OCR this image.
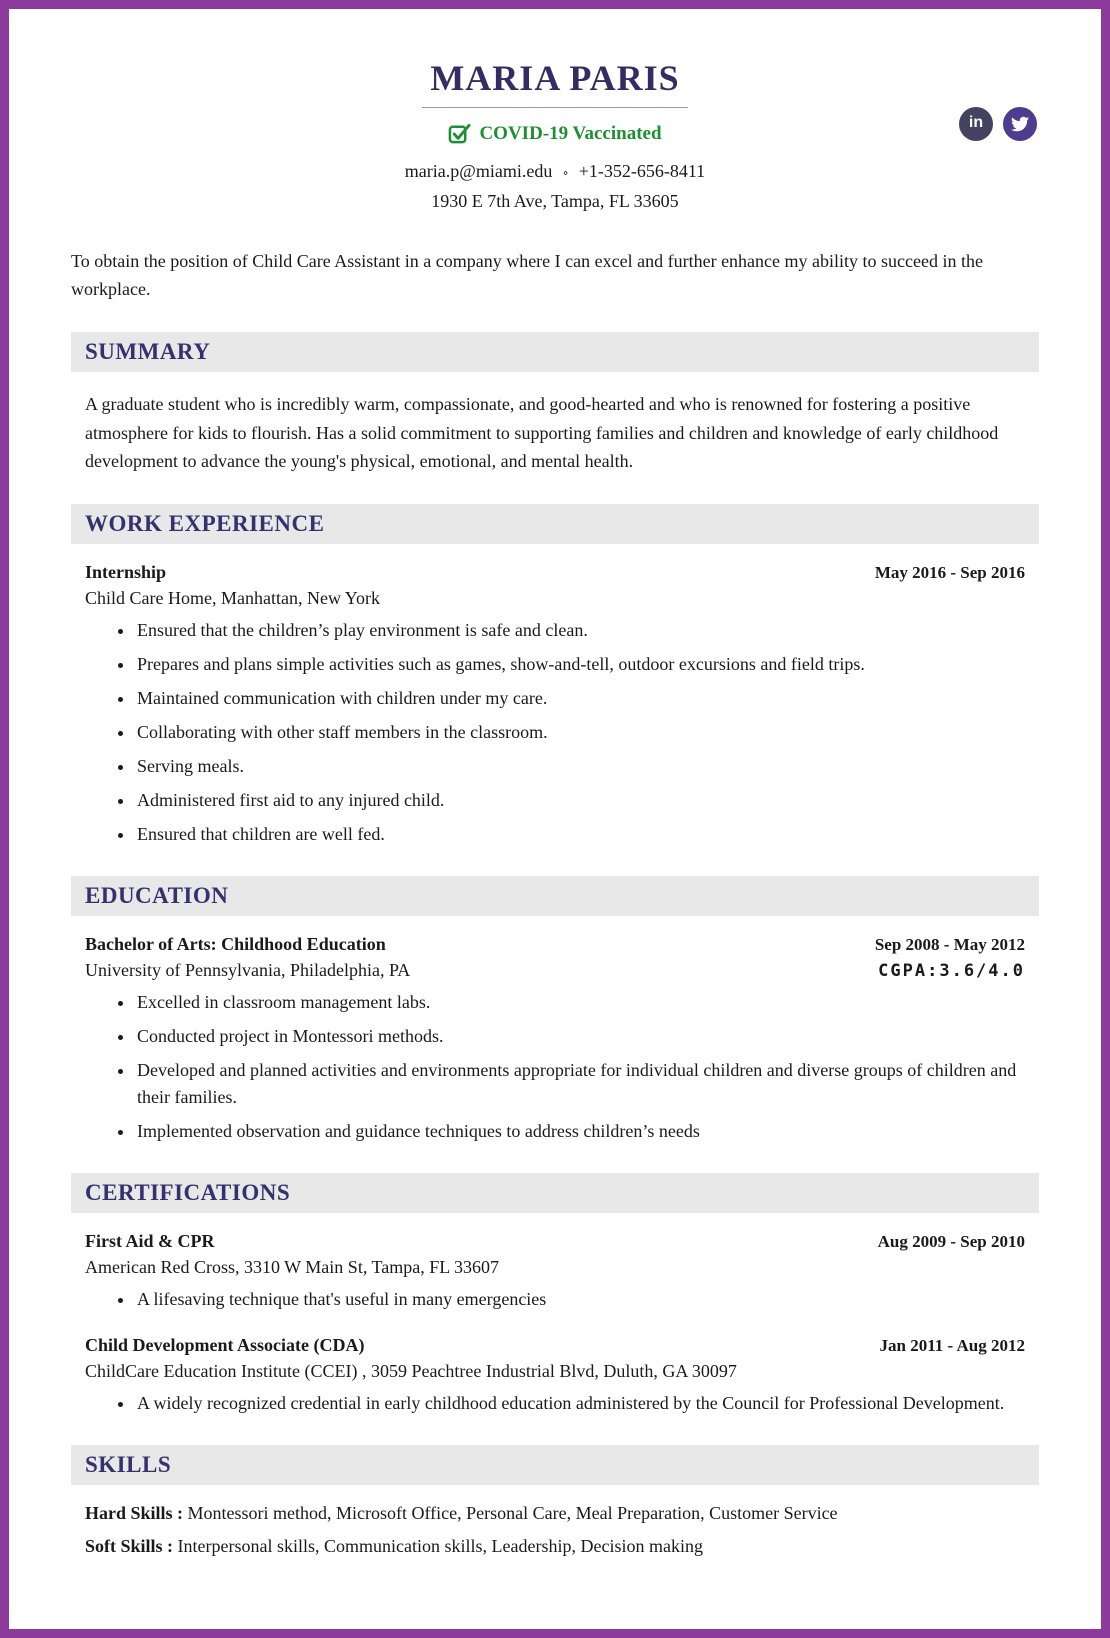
MARIA PARIS
COVID-19 Vaccinated
maria.p@miami.edu ∘ +1-352-656-8411
1930 E 7th Ave, Tampa, FL 33605
in

To obtain the position of Child Care Assistant in a company where I can excel and further enhance my ability to succeed in the workplace.

SUMMARY

A graduate student who is incredibly warm, compassionate, and good-hearted and who is renowned for fostering a positive atmosphere for kids to flourish. Has a solid commitment to supporting families and children and knowledge of early childhood development to advance the young's physical, emotional, and mental health.

WORK EXPERIENCE
Internship	May 2016 - Sep 2016
Child Care Home, Manhattan, New York
• Ensured that the children’s play environment is safe and clean.
• Prepares and plans simple activities such as games, show-and-tell, outdoor excursions and field trips.
• Maintained communication with children under my care.
• Collaborating with other staff members in the classroom.
• Serving meals.
• Administered first aid to any injured child.
• Ensured that children are well fed.
EDUCATION
Bachelor of Arts: Childhood Education	Sep 2008 - May 2012
University of Pennsylvania, Philadelphia, PA	CGPA:3.6/4.0
• Excelled in classroom management labs.
• Conducted project in Montessori methods.
• Developed and planned activities and environments appropriate for individual children and diverse groups of children and their families.
• Implemented observation and guidance techniques to address children’s needs
CERTIFICATIONS
First Aid & CPR	Aug 2009 - Sep 2010
American Red Cross, 3310 W Main St, Tampa, FL 33607
• A lifesaving technique that's useful in many emergencies
Child Development Associate (CDA)	Jan 2011 - Aug 2012
ChildCare Education Institute (CCEI) , 3059 Peachtree Industrial Blvd, Duluth, GA 30097
• A widely recognized credential in early childhood education administered by the Council for Professional Development.
SKILLS

Hard Skills : Montessori method, Microsoft Office, Personal Care, Meal Preparation, Customer Service

Soft Skills : Interpersonal skills, Communication skills, Leadership, Decision making
